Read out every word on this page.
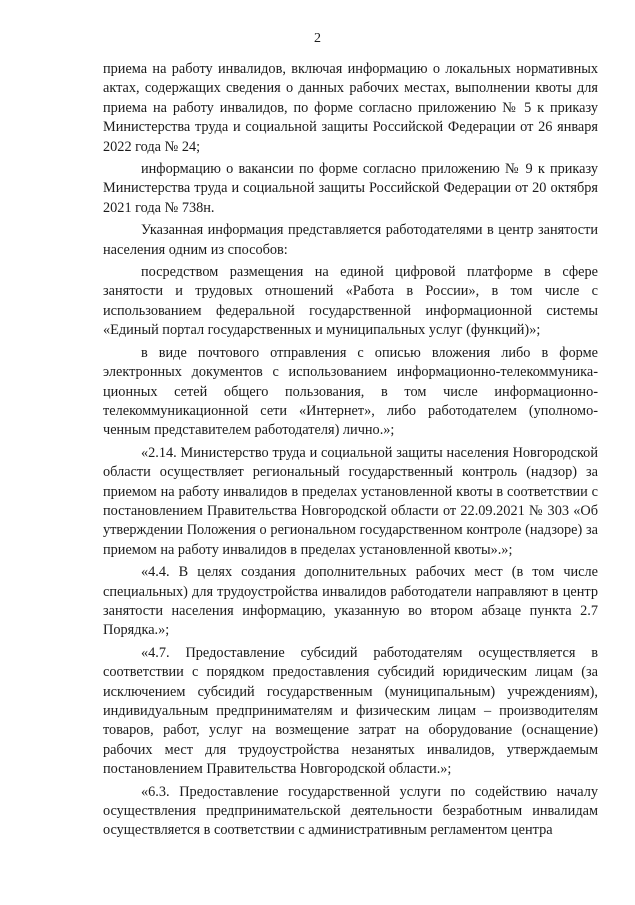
2

приема на работу инвалидов, включая информацию о локальных нормативных актах, содержащих сведения о данных рабочих местах, выполнении квоты для приема на работу инвалидов, по форме согласно приложению № 5 к приказу Министерства труда и социальной защиты Российской Федерации от 26 января 2022 года № 24;

информацию о вакансии по форме согласно приложению № 9 к приказу Министерства труда и социальной защиты Российской Федерации от 20 октября 2021 года № 738н.

Указанная информация представляется работодателями в центр занятости населения одним из способов:

посредством размещения на единой цифровой платформе в сфере занятости и трудовых отношений «Работа в России», в том числе с использованием федеральной государственной информационной системы «Единый портал государственных и муниципальных услуг (функций)»;

в виде почтового отправления с описью вложения либо в форме электронных документов с использованием информационно-телекоммуника-ционных сетей общего пользования, в том числе информационно-телекоммуникационной сети «Интернет», либо работодателем (уполномо-ченным представителем работодателя) лично.»;

«2.14. Министерство труда и социальной защиты населения Новгородской области осуществляет региональный государственный контроль (надзор) за приемом на работу инвалидов в пределах установленной квоты в соответствии с постановлением Правительства Новгородской области от 22.09.2021 № 303 «Об утверждении Положения о региональном государственном контроле (надзоре) за приемом на работу инвалидов в пределах установленной квоты».»;

«4.4. В целях создания дополнительных рабочих мест (в том числе специальных) для трудоустройства инвалидов работодатели направляют в центр занятости населения информацию, указанную во втором абзаце пункта 2.7 Порядка.»;

«4.7. Предоставление субсидий работодателям осуществляется в соответствии с порядком предоставления субсидий юридическим лицам (за исключением субсидий государственным (муниципальным) учреждениям), индивидуальным предпринимателям и физическим лицам – производителям товаров, работ, услуг на возмещение затрат на оборудование (оснащение) рабочих мест для трудоустройства незанятых инвалидов, утверждаемым постановлением Правительства Новгородской области.»;

«6.3. Предоставление государственной услуги по содействию началу осуществления предпринимательской деятельности безработным инвалидам осуществляется в соответствии с административным регламентом центра
